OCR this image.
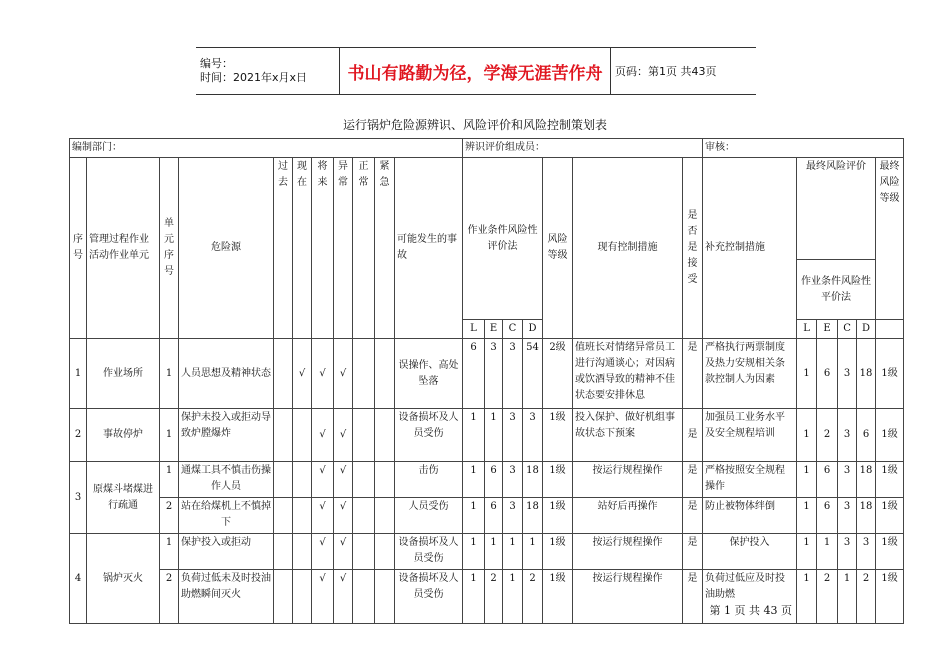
编号：
时间：2021年x月x日	书山有路勤为径，学海无涯苦作舟	页码：第1页 共43页
运行锅炉危险源辨识、风险评价和风险控制策划表
编制部门：											辨识评价组成员：							审核：					
序号	管理过程作业活动作业单元	单元序号	危险源	过去	现在	将来	异常	正常	紧急	可能发生的事故	作业条件风险性评价法				风险等级	现有控制措施	是否是接受	补充控制措施	最终风险评价				最终风险等级
																			作业条件风险性平价法				
											L	E	C	D					L	E	C	D	
1	作业场所	1	人员思想及精神状态		√	√	√			误操作、高处坠落	6	3	3	54	2级	值班长对情绪异常员工进行沟通谈心；对因病或饮酒导致的精神不佳状态要安排休息	是	严格执行两票制度及热力安规相关条款控制人为因素	1	6	3	18	1级
2	事故停炉	1	保护未投入或拒动导致炉膛爆炸			√	√			设备损坏及人员受伤	1	1	3	3	1级	投入保护、做好机组事故状态下预案	是	加强员工业务水平及安全规程培训	1	2	3	6	1级
3	原煤斗堵煤进行疏通	1	通煤工具不慎击伤操作人员			√	√			击伤	1	6	3	18	1级	按运行规程操作	是	严格按照安全规程操作	1	6	3	18	1级
		2	站在给煤机上不慎掉下			√	√			人员受伤	1	6	3	18	1级	站好后再操作	是	防止被物体绊倒	1	6	3	18	1级
4	锅炉灭火	1	保护投入或拒动			√	√			设备损坏及人员受伤	1	1	1	1	1级	按运行规程操作	是	保护投入	1	1	3	3	1级
		2	负荷过低未及时投油助燃瞬间灭火			√	√			设备损坏及人员受伤	1	2	1	2	1级	按运行规程操作	是	负荷过低应及时投油助燃	1	2	1	2	1级
第 1 页 共 43 页
